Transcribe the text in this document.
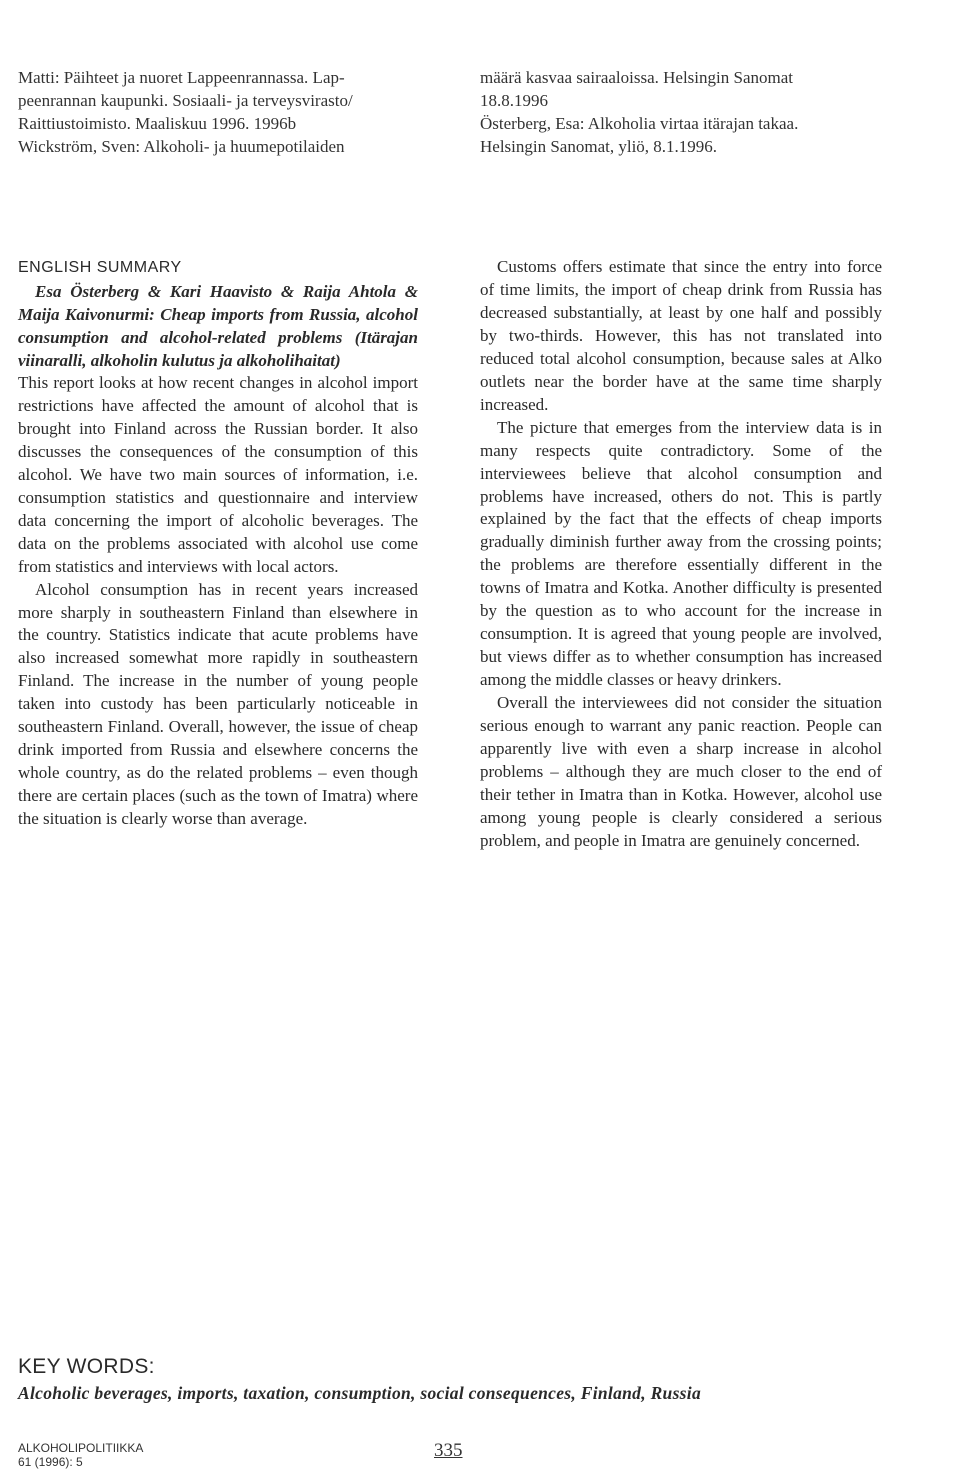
Matti: Päihteet ja nuoret Lappeenrannassa. Lap-

peenrannan kaupunki. Sosiaali- ja terveysvirasto/

Raittiustoimisto. Maaliskuu 1996. 1996b

Wickström, Sven: Alkoholi- ja huumepotilaiden

määrä kasvaa sairaaloissa. Helsingin Sanomat

18.8.1996

Österberg, Esa: Alkoholia virtaa itärajan takaa.

Helsingin Sanomat, yliö, 8.1.1996.

ENGLISH SUMMARY

Esa Österberg & Kari Haavisto & Raija Ahtola & Maija Kaivonurmi: Cheap imports from Russia, alcohol consumption and alcohol-related problems (Itärajan viinaralli, alkoholin kulutus ja alkoholihaitat)

This report looks at how recent changes in alcohol import restrictions have affected the amount of alcohol that is brought into Finland across the Russian border. It also discusses the consequences of the consumption of this alcohol. We have two main sources of information, i.e. consumption statistics and questionnaire and interview data concerning the import of alcoholic beverages. The data on the problems associated with alcohol use come from statistics and interviews with local actors.

Alcohol consumption has in recent years increased more sharply in southeastern Finland than elsewhere in the country. Statistics indicate that acute problems have also increased somewhat more rapidly in southeastern Finland. The increase in the number of young people taken into custody has been particularly noticeable in southeastern Finland. Overall, however, the issue of cheap drink imported from Russia and elsewhere concerns the whole country, as do the related problems – even though there are certain places (such as the town of Imatra) where the situation is clearly worse than average.

Customs offers estimate that since the entry into force of time limits, the import of cheap drink from Russia has decreased substantially, at least by one half and possibly by two-thirds. However, this has not translated into reduced total alcohol consumption, because sales at Alko outlets near the border have at the same time sharply increased.

The picture that emerges from the interview data is in many respects quite contradictory. Some of the interviewees believe that alcohol consumption and problems have increased, others do not. This is partly explained by the fact that the effects of cheap imports gradually diminish further away from the crossing points; the problems are therefore essentially different in the towns of Imatra and Kotka. Another difficulty is presented by the question as to who account for the increase in consumption. It is agreed that young people are involved, but views differ as to whether consumption has increased among the middle classes or heavy drinkers.

Overall the interviewees did not consider the situation serious enough to warrant any panic reaction. People can apparently live with even a sharp increase in alcohol problems – although they are much closer to the end of their tether in Imatra than in Kotka. However, alcohol use among young people is clearly considered a serious problem, and people in Imatra are genuinely concerned.

KEY WORDS:
Alcoholic beverages, imports, taxation, consumption, social consequences, Finland, Russia
ALKOHOLIPOLITIIKKA
61 (1996): 5
335
